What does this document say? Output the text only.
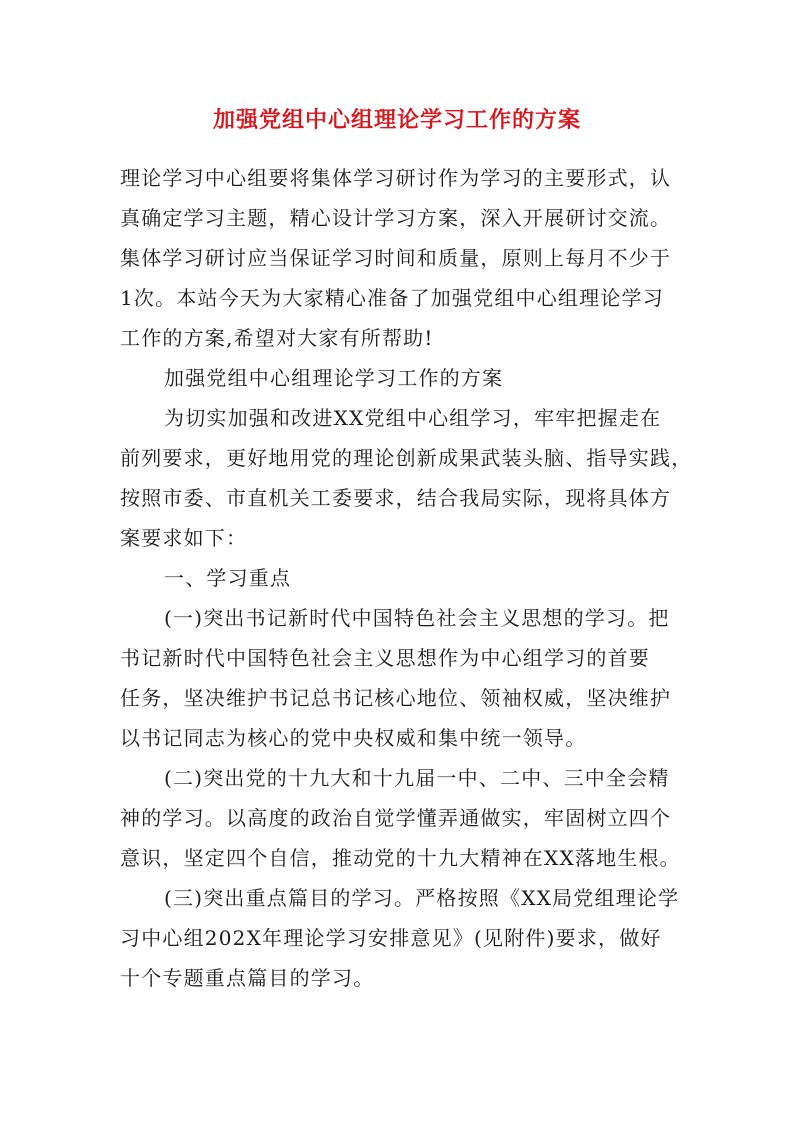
加强党组中心组理论学习工作的方案
理论学习中心组要将集体学习研讨作为学习的主要形式，认
真确定学习主题，精心设计学习方案，深入开展研讨交流。
集体学习研讨应当保证学习时间和质量，原则上每月不少于
1次。本站今天为大家精心准备了加强党组中心组理论学习
工作的方案,希望对大家有所帮助!
加强党组中心组理论学习工作的方案
为切实加强和改进XX党组中心组学习，牢牢把握走在
前列要求，更好地用党的理论创新成果武装头脑、指导实践，
按照市委、市直机关工委要求，结合我局实际，现将具体方
案要求如下：
一、学习重点
(一)突出书记新时代中国特色社会主义思想的学习。把
书记新时代中国特色社会主义思想作为中心组学习的首要
任务，坚决维护书记总书记核心地位、领袖权威，坚决维护
以书记同志为核心的党中央权威和集中统一领导。
(二)突出党的十九大和十九届一中、二中、三中全会精
神的学习。以高度的政治自觉学懂弄通做实，牢固树立四个
意识，坚定四个自信，推动党的十九大精神在XX落地生根。
(三)突出重点篇目的学习。严格按照《XX局党组理论学
习中心组202X年理论学习安排意见》(见附件)要求，做好
十个专题重点篇目的学习。
